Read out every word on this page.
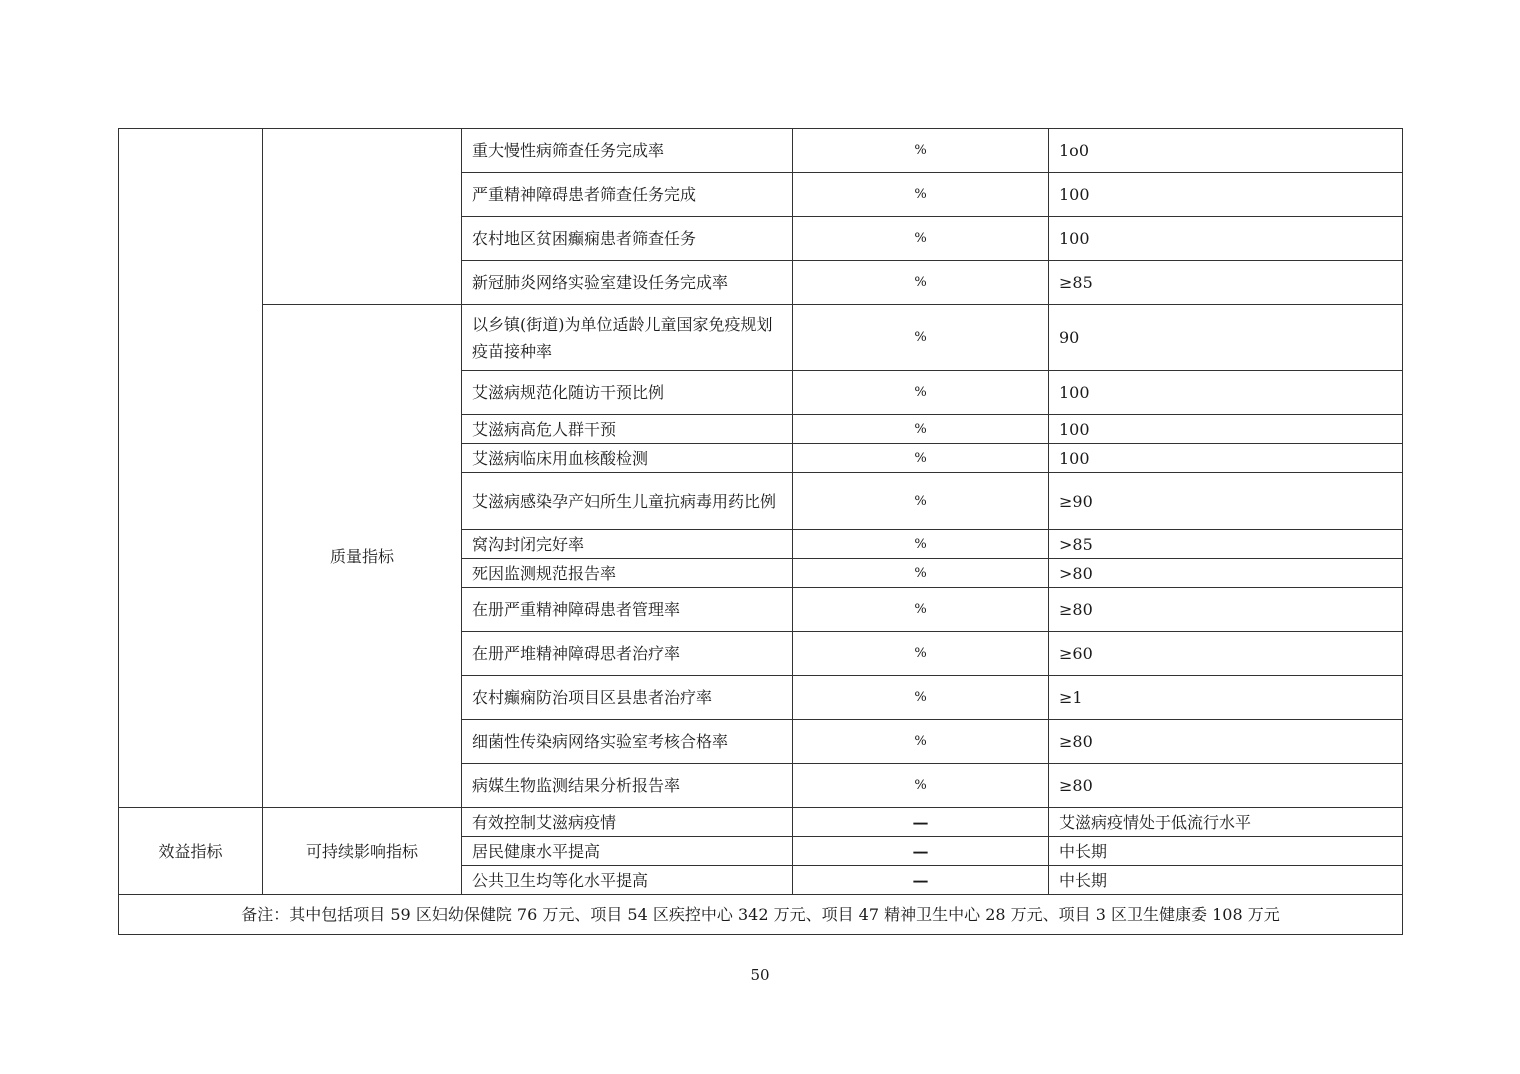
		重大慢性病筛查任务完成率	%	1o0
		严重精神障碍患者筛查任务完成	%	100
		农村地区贫困癫痫患者筛查任务	%	100
		新冠肺炎网络实验室建设任务完成率	%	≥85
	质量指标	以乡镇(街道)为单位适龄儿童国家免疫规划疫苗接种率	%	90
		艾滋病规范化随访干预比例	%	100
		艾滋病高危人群干预	%	100
		艾滋病临床用血核酸检测	%	100
		艾滋病感染孕产妇所生儿童抗病毒用药比例	%	≥90
		窝沟封闭完好率	%	>85
		死因监测规范报告率	%	>80
		在册严重精神障碍患者管理率	%	≥80
		在册严堆精神障碍思者治疗率	%	≥60
		农村癫痫防治项目区县患者治疗率	%	≥1
		细菌性传染病网络实验室考核合格率	%	≥80
		病媒生物监测结果分析报告率	%	≥80
效益指标	可持续影响指标	有效控制艾滋病疫情	—	艾滋病疫情处于低流行水平
		居民健康水平提高	—	中长期
		公共卫生均等化水平提高	—	中长期
备注：其中包括项目 59 区妇幼保健院 76 万元、项目 54 区疾控中心 342 万元、项目 47 精神卫生中心 28 万元、项目 3 区卫生健康委 108 万元				
50
